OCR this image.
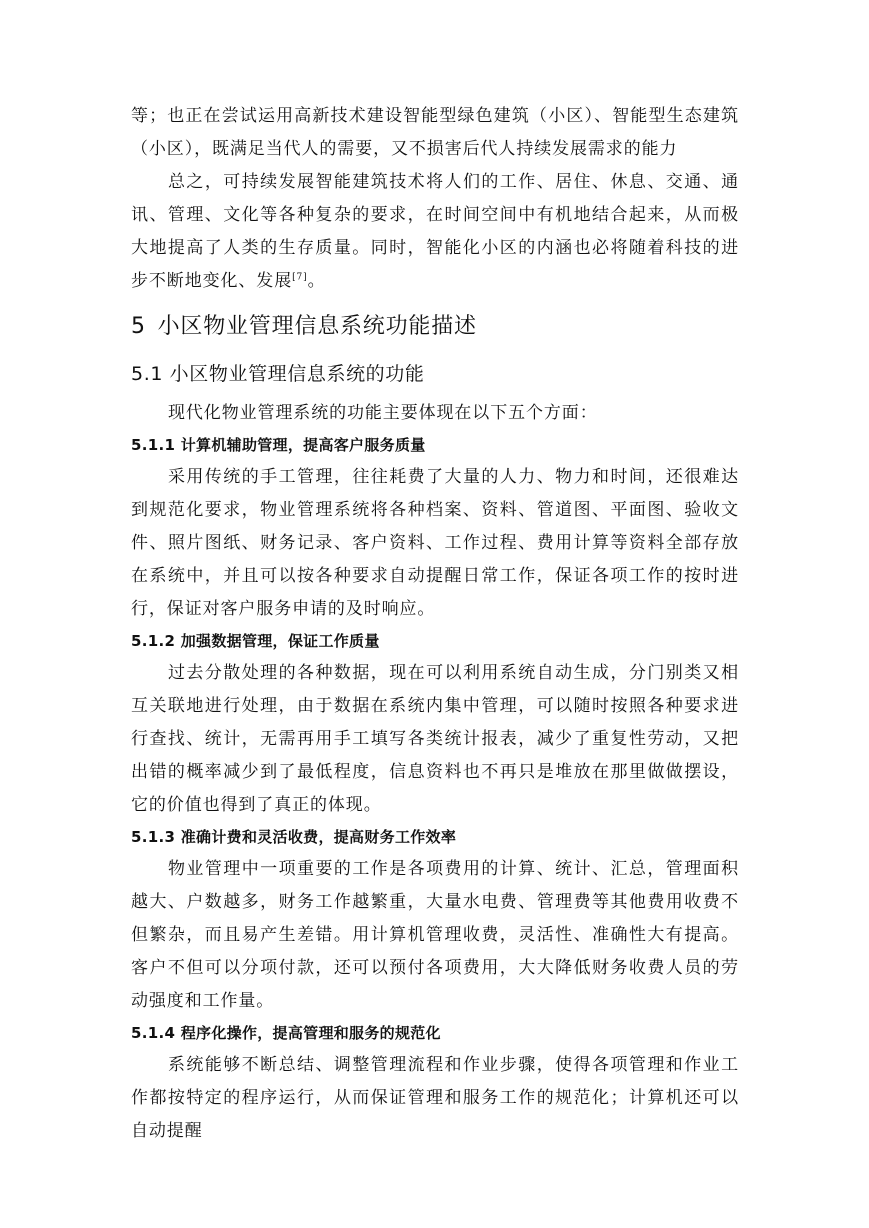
等；也正在尝试运用高新技术建设智能型绿色建筑（小区）、智能型生态建筑（小区），既满足当代人的需要，又不损害后代人持续发展需求的能力

总之，可持续发展智能建筑技术将人们的工作、居住、休息、交通、通讯、管理、文化等各种复杂的要求，在时间空间中有机地结合起来，从而极大地提高了人类的生存质量。同时，智能化小区的内涵也必将随着科技的进步不断地变化、发展[7]。

5 小区物业管理信息系统功能描述
5.1 小区物业管理信息系统的功能

现代化物业管理系统的功能主要体现在以下五个方面：

5.1.1 计算机辅助管理，提高客户服务质量

采用传统的手工管理，往往耗费了大量的人力、物力和时间，还很难达到规范化要求，物业管理系统将各种档案、资料、管道图、平面图、验收文件、照片图纸、财务记录、客户资料、工作过程、费用计算等资料全部存放在系统中，并且可以按各种要求自动提醒日常工作，保证各项工作的按时进行，保证对客户服务申请的及时响应。

5.1.2 加强数据管理，保证工作质量

过去分散处理的各种数据，现在可以利用系统自动生成，分门别类又相互关联地进行处理，由于数据在系统内集中管理，可以随时按照各种要求进行查找、统计，无需再用手工填写各类统计报表，减少了重复性劳动，又把出错的概率减少到了最低程度，信息资料也不再只是堆放在那里做做摆设，它的价值也得到了真正的体现。

5.1.3 准确计费和灵活收费，提高财务工作效率

物业管理中一项重要的工作是各项费用的计算、统计、汇总，管理面积越大、户数越多，财务工作越繁重，大量水电费、管理费等其他费用收费不但繁杂，而且易产生差错。用计算机管理收费，灵活性、准确性大有提高。客户不但可以分项付款，还可以预付各项费用，大大降低财务收费人员的劳动强度和工作量。

5.1.4 程序化操作，提高管理和服务的规范化

系统能够不断总结、调整管理流程和作业步骤，使得各项管理和作业工作都按特定的程序运行，从而保证管理和服务工作的规范化；计算机还可以自动提醒
